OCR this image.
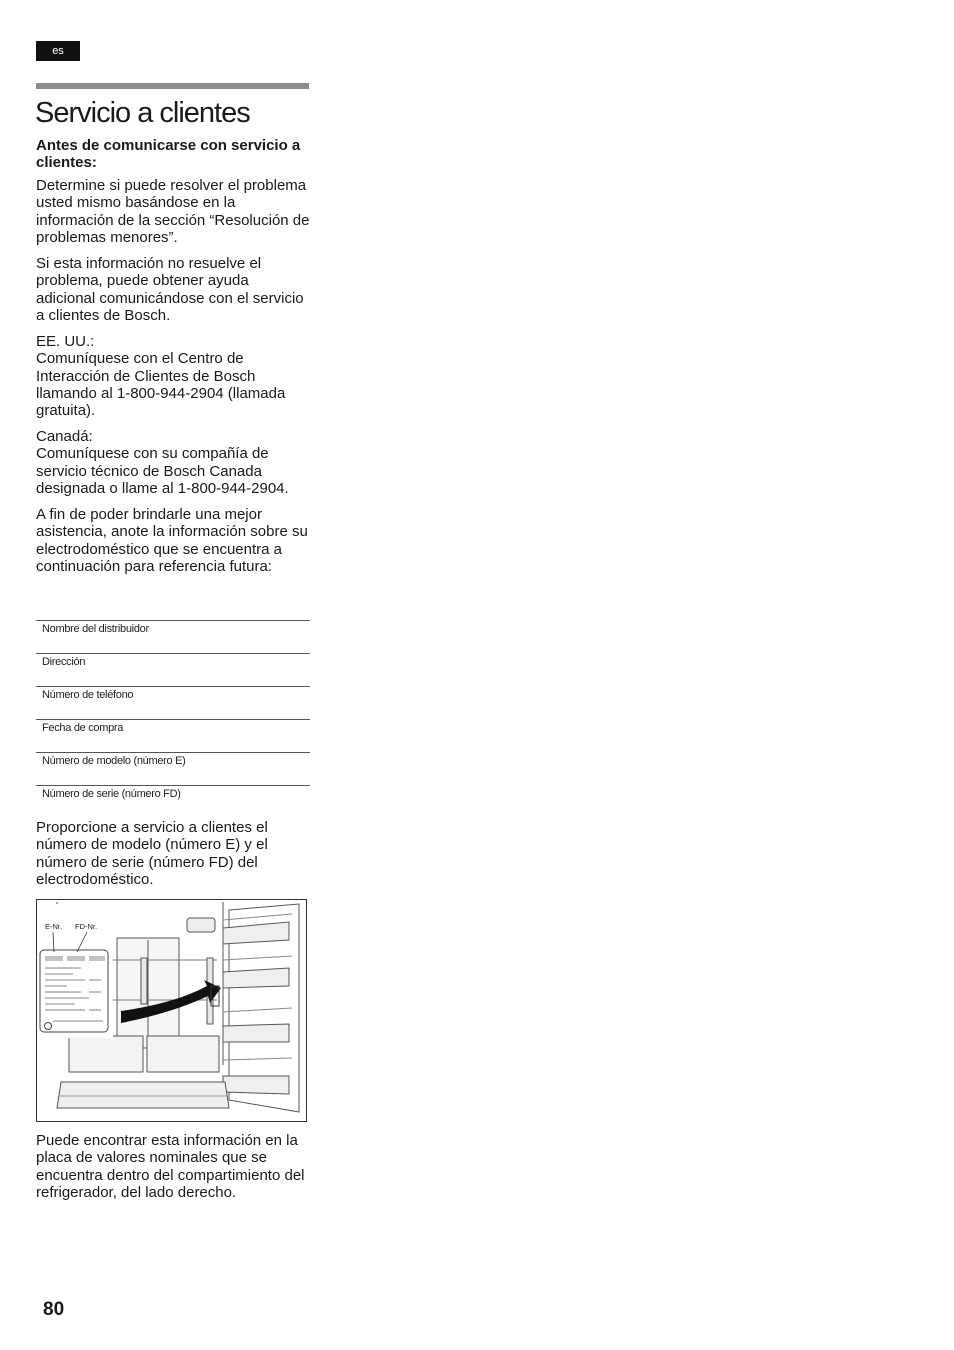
es
Servicio a clientes
Antes de comunicarse con servicio a clientes:

Determine si puede resolver el problema usted mismo basándose en la información de la sección “Resolución de problemas menores”.

Si esta información no resuelve el problema, puede obtener ayuda adicional comunicándose con el servicio a clientes de Bosch.

EE. UU.:

Comuníquese con el Centro de Interacción de Clientes de Bosch llamando al 1-800-944-2904 (llamada gratuita).

Canadá:

Comuníquese con su compañía de servicio técnico de Bosch Canada designada o llame al 1-800-944-2904.

A fin de poder brindarle una mejor asistencia, anote la información sobre su electrodoméstico que se encuentra a continuación para referencia futura:

Nombre del distribuidor
Dirección
Número de teléfono
Fecha de compra
Número de modelo (número E)
Número de serie (número FD)

Proporcione a servicio a clientes el número de modelo (número E) y el número de serie (número FD) del electrodoméstico.

E-Nr. FD-Nr.

Puede encontrar esta información en la placa de valores nominales que se encuentra dentro del compartimiento del refrigerador, del lado derecho.

80
